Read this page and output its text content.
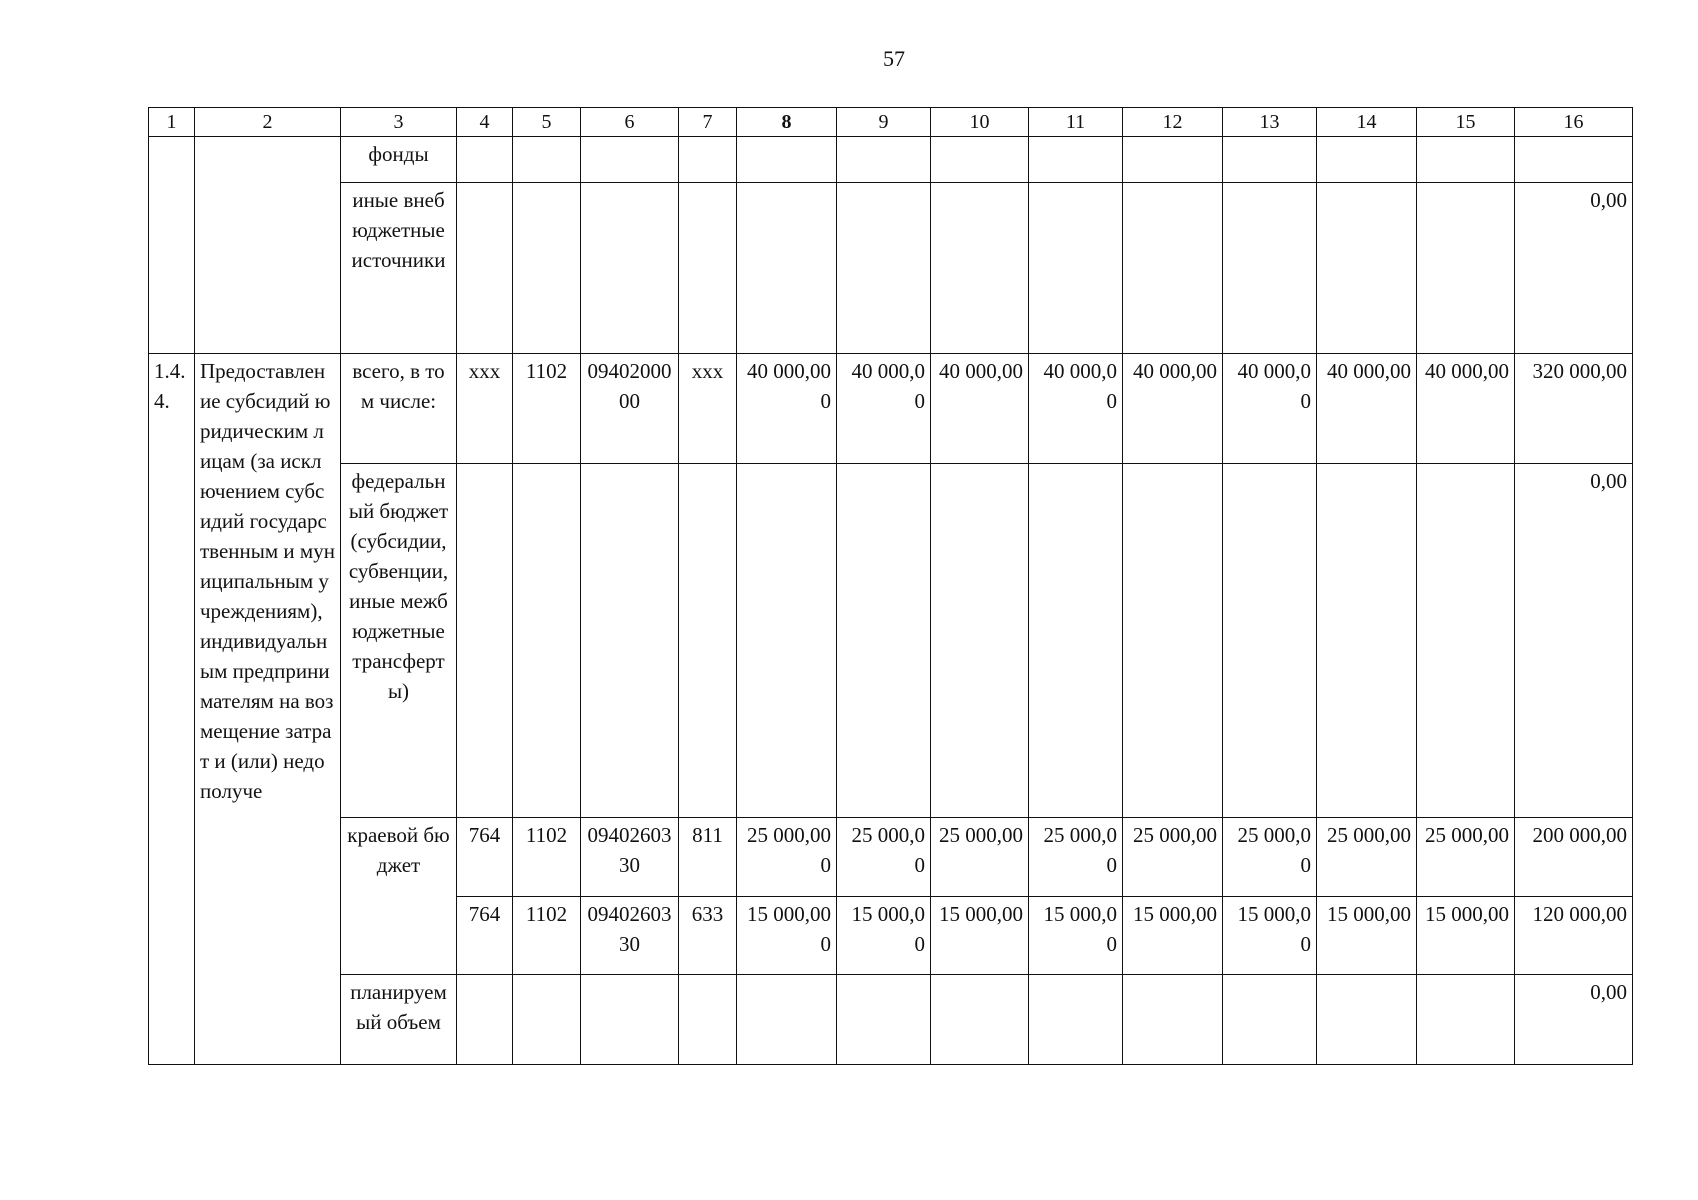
57
1	2	3	4	5	6	7	8	9	10	11	12	13	14	15	16
		фонды													
		иные внебюджетные источники													0,00
1.4.4.	Предоставление субсидий юридическим лицам (за исключением субсидий государственным и муниципальным учреждениям), индивидуальным предпринимателям на возмещение затрат и (или) недополуче	всего, в том числе:	xxx	1102	0940200000	xxx	40 000,000	40 000,00	40 000,00	40 000,00	40 000,00	40 000,00	40 000,00	40 000,00	320 000,00
		федеральный бюджет (субсидии, субвенции, иные межбюджетные трансферты)													0,00
		краевой бюджет	764	1102	0940260330	811	25 000,000	25 000,00	25 000,00	25 000,00	25 000,00	25 000,00	25 000,00	25 000,00	200 000,00
			764	1102	0940260330	633	15 000,000	15 000,00	15 000,00	15 000,00	15 000,00	15 000,00	15 000,00	15 000,00	120 000,00
		планируемый объем													0,00
